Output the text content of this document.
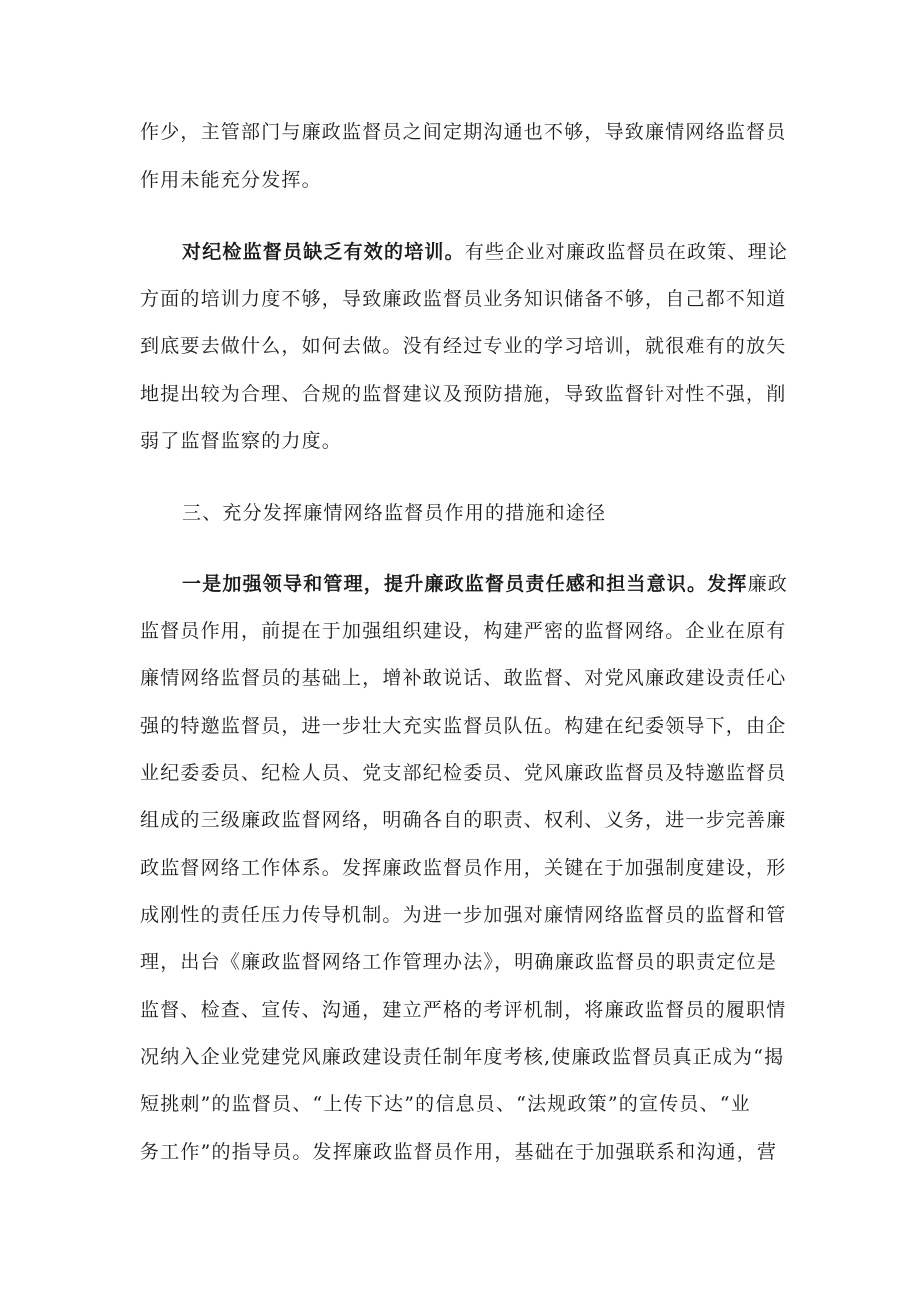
作少，主管部门与廉政监督员之间定期沟通也不够，导致廉情网络监督员
作用未能充分发挥。
对纪检监督员缺乏有效的培训。有些企业对廉政监督员在政策、理论
方面的培训力度不够，导致廉政监督员业务知识储备不够，自己都不知道
到底要去做什么，如何去做。没有经过专业的学习培训，就很难有的放矢
地提出较为合理、合规的监督建议及预防措施，导致监督针对性不强，削
弱了监督监察的力度。
三、充分发挥廉情网络监督员作用的措施和途径
一是加强领导和管理，提升廉政监督员责任感和担当意识。发挥廉政
监督员作用，前提在于加强组织建设，构建严密的监督网络。企业在原有
廉情网络监督员的基础上，增补敢说话、敢监督、对党风廉政建设责任心
强的特邀监督员，进一步壮大充实监督员队伍。构建在纪委领导下，由企
业纪委委员、纪检人员、党支部纪检委员、党风廉政监督员及特邀监督员
组成的三级廉政监督网络，明确各自的职责、权利、义务，进一步完善廉
政监督网络工作体系。发挥廉政监督员作用，关键在于加强制度建设，形
成刚性的责任压力传导机制。为进一步加强对廉情网络监督员的监督和管
理，出台《廉政监督网络工作管理办法》，明确廉政监督员的职责定位是
监督、检查、宣传、沟通，建立严格的考评机制，将廉政监督员的履职情
况纳入企业党建党风廉政建设责任制年度考核,使廉政监督员真正成为“揭
短挑刺”的监督员、“上传下达”的信息员、“法规政策”的宣传员、“业
务工作”的指导员。发挥廉政监督员作用，基础在于加强联系和沟通，营
